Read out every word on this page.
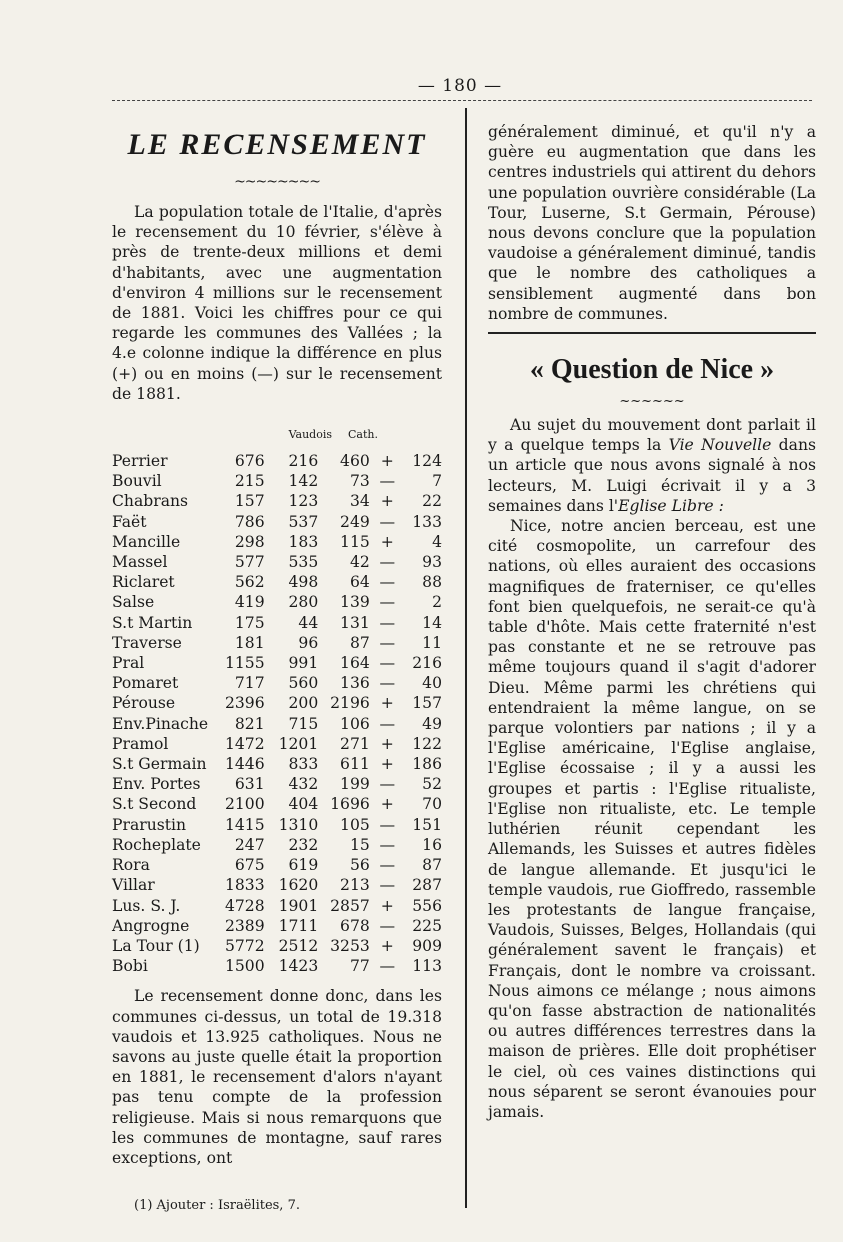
— 180 —
LE RECENSEMENT
~~~~~~~~

La population totale de l'Italie, d'après le recensement du 10 février, s'élève à près de trente-deux millions et demi d'habitants, avec une augmentation d'environ 4 millions sur le recensement de 1881. Voici les chiffres pour ce qui regarde les communes des Vallées ; la 4.e colonne indique la différence en plus (+) ou en moins (—) sur le recensement de 1881.

Vaudois	Cath.
Perrier	676	216	460	+	124
Bouvil	215	142	73	—	7
Chabrans	157	123	34	+	22
Faët	786	537	249	—	133
Mancille	298	183	115	+	4
Massel	577	535	42	—	93
Riclaret	562	498	64	—	88
Salse	419	280	139	—	2
S.t Martin	175	44	131	—	14
Traverse	181	96	87	—	11
Pral	1155	991	164	—	216
Pomaret	717	560	136	—	40
Pérouse	2396	200	2196	+	157
Env.Pinache	821	715	106	—	49
Pramol	1472	1201	271	+	122
S.t Germain	1446	833	611	+	186
Env. Portes	631	432	199	—	52
S.t Second	2100	404	1696	+	70
Prarustin	1415	1310	105	—	151
Rocheplate	247	232	15	—	16
Rora	675	619	56	—	87
Villar	1833	1620	213	—	287
Lus. S. J.	4728	1901	2857	+	556
Angrogne	2389	1711	678	—	225
La Tour (1)	5772	2512	3253	+	909
Bobi	1500	1423	77	—	113

Le recensement donne donc, dans les communes ci-dessus, un total de 19.318 vaudois et 13.925 catholiques. Nous ne savons au juste quelle était la proportion en 1881, le recensement d'alors n'ayant pas tenu compte de la profession religieuse. Mais si nous remarquons que les communes de montagne, sauf rares exceptions, ont

(1) Ajouter : Israëlites, 7.

généralement diminué, et qu'il n'y a guère eu augmentation que dans les centres industriels qui attirent du dehors une population ouvrière considérable (La Tour, Luserne, S.t Germain, Pérouse) nous devons conclure que la population vaudoise a généralement diminué, tandis que le nombre des catholiques a sensiblement augmenté dans bon nombre de communes.

« Question de Nice »
~~~~~~

Au sujet du mouvement dont parlait il y a quelque temps la Vie Nouvelle dans un article que nous avons signalé à nos lecteurs, M. Luigi écrivait il y a 3 semaines dans l'Eglise Libre :

Nice, notre ancien berceau, est une cité cosmopolite, un carrefour des nations, où elles auraient des occasions magnifiques de fraterniser, ce qu'elles font bien quelquefois, ne serait-ce qu'à table d'hôte. Mais cette fraternité n'est pas constante et ne se retrouve pas même toujours quand il s'agit d'adorer Dieu. Même parmi les chrétiens qui entendraient la même langue, on se parque volontiers par nations ; il y a l'Eglise américaine, l'Eglise anglaise, l'Eglise écossaise ; il y a aussi les groupes et partis : l'Eglise ritualiste, l'Eglise non ritualiste, etc. Le temple luthérien réunit cependant les Allemands, les Suisses et autres fidèles de langue allemande. Et jusqu'ici le temple vaudois, rue Gioffredo, rassemble les protestants de langue française, Vaudois, Suisses, Belges, Hollandais (qui généralement savent le français) et Français, dont le nombre va croissant. Nous aimons ce mélange ; nous aimons qu'on fasse abstraction de nationalités ou autres différences terrestres dans la maison de prières. Elle doit prophétiser le ciel, où ces vaines distinctions qui nous séparent se seront évanouies pour jamais.
